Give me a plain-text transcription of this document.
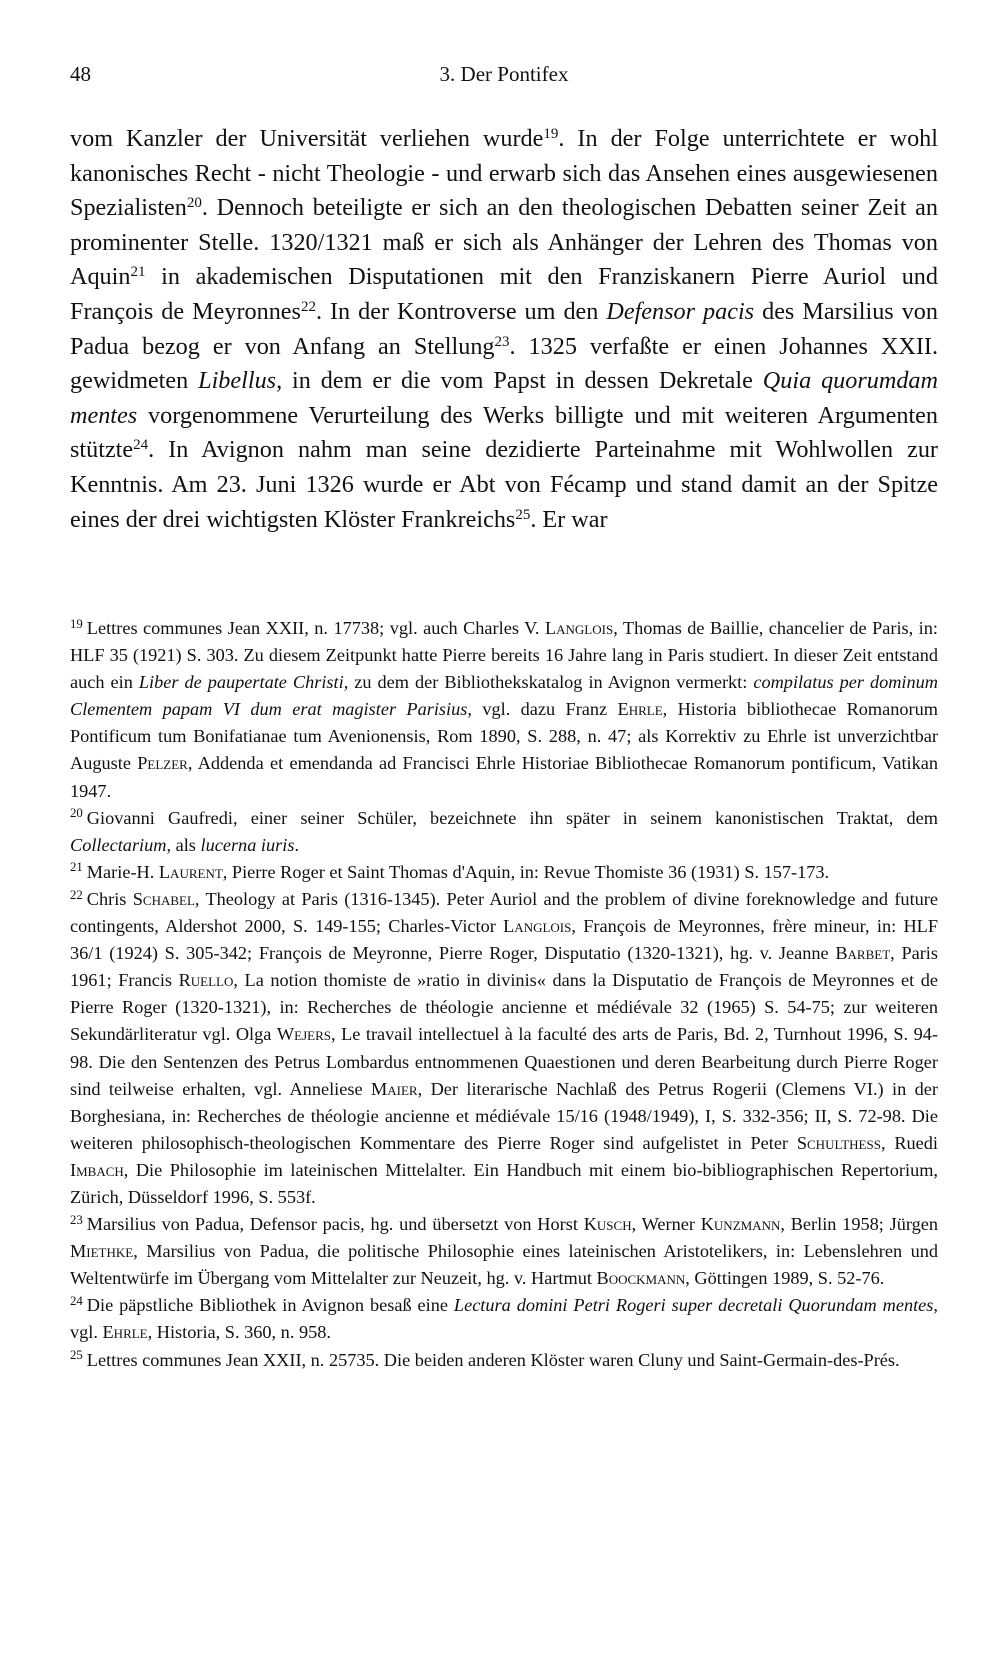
48	3. Der Pontifex

vom Kanzler der Universität verliehen wurde$^{19}$. In der Folge unterrichtete er wohl kanonisches Recht - nicht Theologie - und erwarb sich das Ansehen eines ausgewiesenen Spezialisten$^{20}$. Dennoch beteiligte er sich an den theologischen Debatten seiner Zeit an prominenter Stelle. 1320/1321 maß er sich als Anhänger der Lehren des Thomas von Aquin$^{21}$ in akademischen Disputationen mit den Franziskanern Pierre Auriol und François de Meyronnes$^{22}$. In der Kontroverse um den Defensor pacis des Marsilius von Padua bezog er von Anfang an Stellung$^{23}$. 1325 verfaßte er einen Johannes XXII. gewidmeten Libellus, in dem er die vom Papst in dessen Dekretale Quia quorumdam mentes vorgenommene Verurteilung des Werks billigte und mit weiteren Argumenten stützte$^{24}$. In Avignon nahm man seine dezidierte Parteinahme mit Wohlwollen zur Kenntnis. Am 23. Juni 1326 wurde er Abt von Fécamp und stand damit an der Spitze eines der drei wichtigsten Klöster Frankreichs$^{25}$. Er war

$^{19}$ Lettres communes Jean XXII, n. 17738; vgl. auch Charles V. Langlois, Thomas de Baillie, chancelier de Paris, in: HLF 35 (1921) S. 303. Zu diesem Zeitpunkt hatte Pierre bereits 16 Jahre lang in Paris studiert. In dieser Zeit entstand auch ein Liber de paupertate Christi, zu dem der Bibliothekskatalog in Avignon vermerkt: compilatus per dominum Clementem papam VI dum erat magister Parisius, vgl. dazu Franz Ehrle, Historia bibliothecae Romanorum Pontificum tum Bonifatianae tum Avenionensis, Rom 1890, S. 288, n. 47; als Korrektiv zu Ehrle ist unverzichtbar Auguste Pelzer, Addenda et emendanda ad Francisci Ehrle Historiae Bibliothecae Romanorum pontificum, Vatikan 1947.

$^{20}$ Giovanni Gaufredi, einer seiner Schüler, bezeichnete ihn später in seinem kanonistischen Traktat, dem Collectarium, als lucerna iuris.

$^{21}$ Marie-H. Laurent, Pierre Roger et Saint Thomas d'Aquin, in: Revue Thomiste 36 (1931) S. 157-173.

$^{22}$ Chris Schabel, Theology at Paris (1316-1345). Peter Auriol and the problem of divine foreknowledge and future contingents, Aldershot 2000, S. 149-155; Charles-Victor Langlois, François de Meyronnes, frère mineur, in: HLF 36/1 (1924) S. 305-342; François de Meyronne, Pierre Roger, Disputatio (1320-1321), hg. v. Jeanne Barbet, Paris 1961; Francis Ruello, La notion thomiste de »ratio in divinis« dans la Disputatio de François de Meyronnes et de Pierre Roger (1320-1321), in: Recherches de théologie ancienne et médiévale 32 (1965) S. 54-75; zur weiteren Sekundärliteratur vgl. Olga Wejers, Le travail intellectuel à la faculté des arts de Paris, Bd. 2, Turnhout 1996, S. 94-98. Die den Sentenzen des Petrus Lombardus entnommenen Quaestionen und deren Bearbeitung durch Pierre Roger sind teilweise erhalten, vgl. Anneliese Maier, Der literarische Nachlaß des Petrus Rogerii (Clemens VI.) in der Borghesiana, in: Recherches de théologie ancienne et médiévale 15/16 (1948/1949), I, S. 332-356; II, S. 72-98. Die weiteren philosophisch-theologischen Kommentare des Pierre Roger sind aufgelistet in Peter Schulthess, Ruedi Imbach, Die Philosophie im lateinischen Mittelalter. Ein Handbuch mit einem bio-bibliographischen Repertorium, Zürich, Düsseldorf 1996, S. 553f.

$^{23}$ Marsilius von Padua, Defensor pacis, hg. und übersetzt von Horst Kusch, Werner Kunzmann, Berlin 1958; Jürgen Miethke, Marsilius von Padua, die politische Philosophie eines lateinischen Aristotelikers, in: Lebenslehren und Weltentwürfe im Übergang vom Mittelalter zur Neuzeit, hg. v. Hartmut Boockmann, Göttingen 1989, S. 52-76.

$^{24}$ Die päpstliche Bibliothek in Avignon besaß eine Lectura domini Petri Rogeri super decretali Quorundam mentes, vgl. Ehrle, Historia, S. 360, n. 958.

$^{25}$ Lettres communes Jean XXII, n. 25735. Die beiden anderen Klöster waren Cluny und Saint-Germain-des-Prés.
